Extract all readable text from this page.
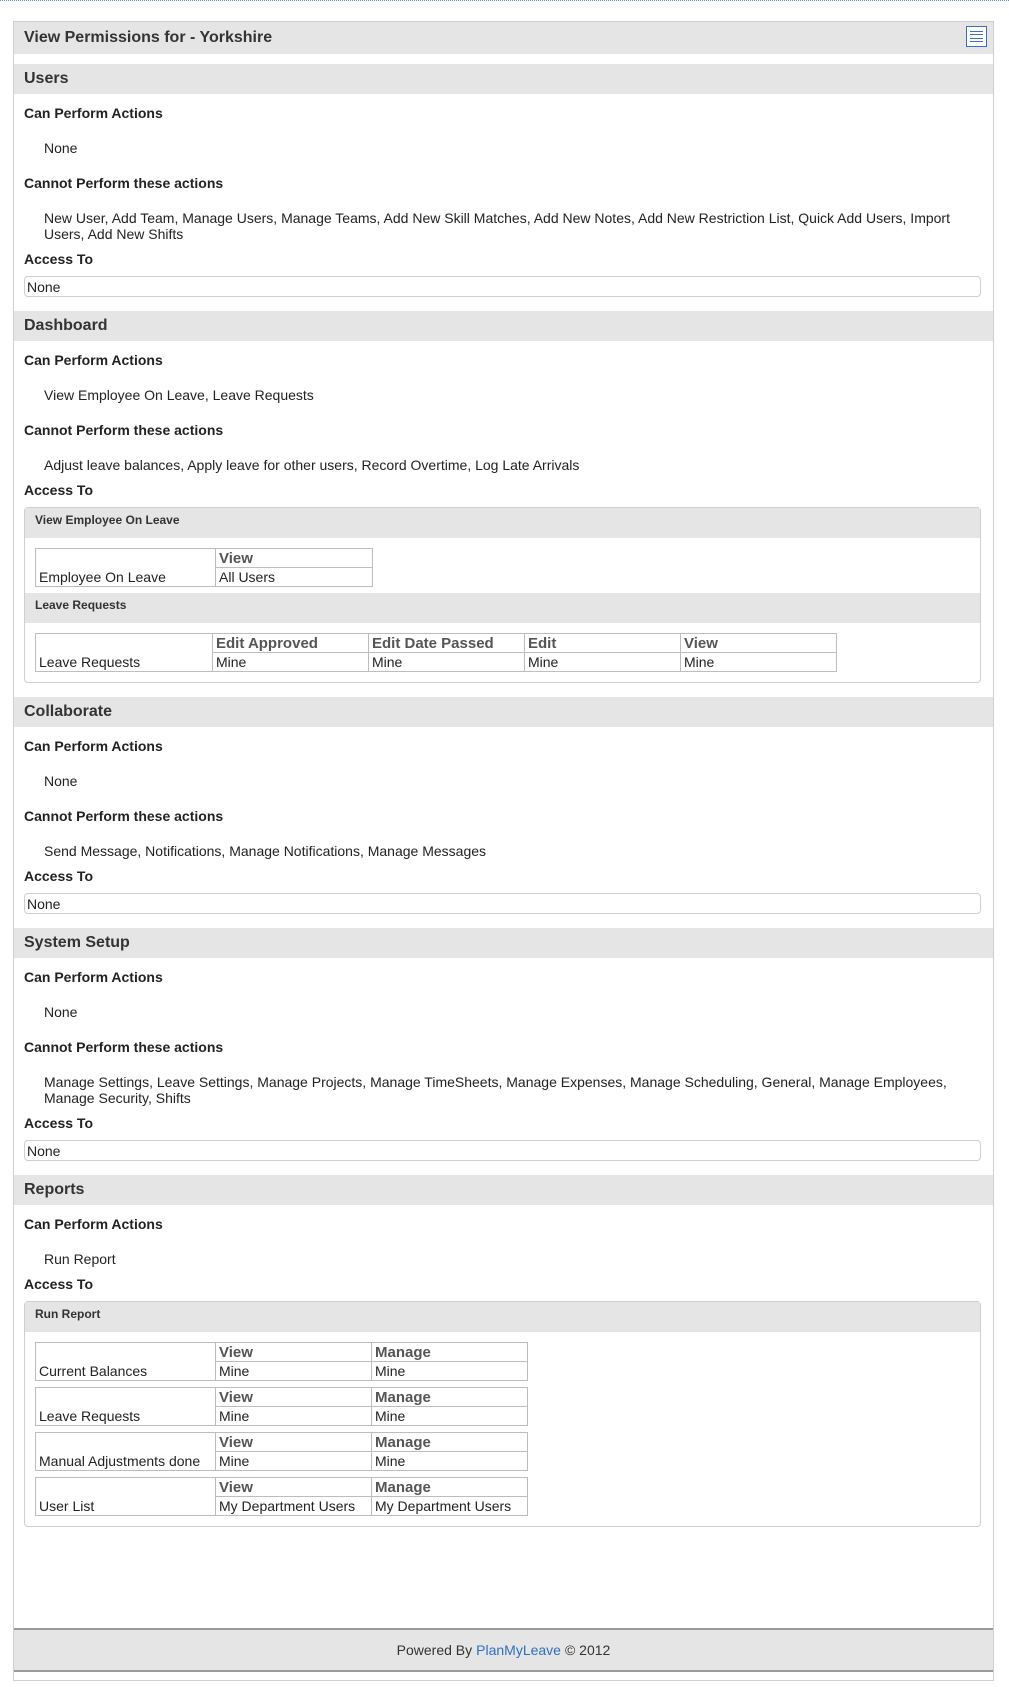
View Permissions for - Yorkshire
Users
Can Perform Actions
None
Cannot Perform these actions
New User, Add Team, Manage Users, Manage Teams, Add New Skill Matches, Add New Notes, Add New Restriction List, Quick Add Users, Import Users, Add New Shifts
Access To
None
Dashboard
Can Perform Actions
View Employee On Leave, Leave Requests
Cannot Perform these actions
Adjust leave balances, Apply leave for other users, Record Overtime, Log Late Arrivals
Access To
View Employee On Leave
	View
Employee On Leave	All Users
Leave Requests
	Edit Approved	Edit Date Passed	Edit	View
Leave Requests	Mine	Mine	Mine	Mine
Collaborate
Can Perform Actions
None
Cannot Perform these actions
Send Message, Notifications, Manage Notifications, Manage Messages
Access To
None
System Setup
Can Perform Actions
None
Cannot Perform these actions
Manage Settings, Leave Settings, Manage Projects, Manage TimeSheets, Manage Expenses, Manage Scheduling, General, Manage Employees, Manage Security, Shifts
Access To
None
Reports
Can Perform Actions
Run Report
Access To
Run Report
	View	Manage
Current Balances	Mine	Mine
	View	Manage
Leave Requests	Mine	Mine
	View	Manage
Manual Adjustments done	Mine	Mine
	View	Manage
User List	My Department Users	My Department Users
Powered By PlanMyLeave © 2012
